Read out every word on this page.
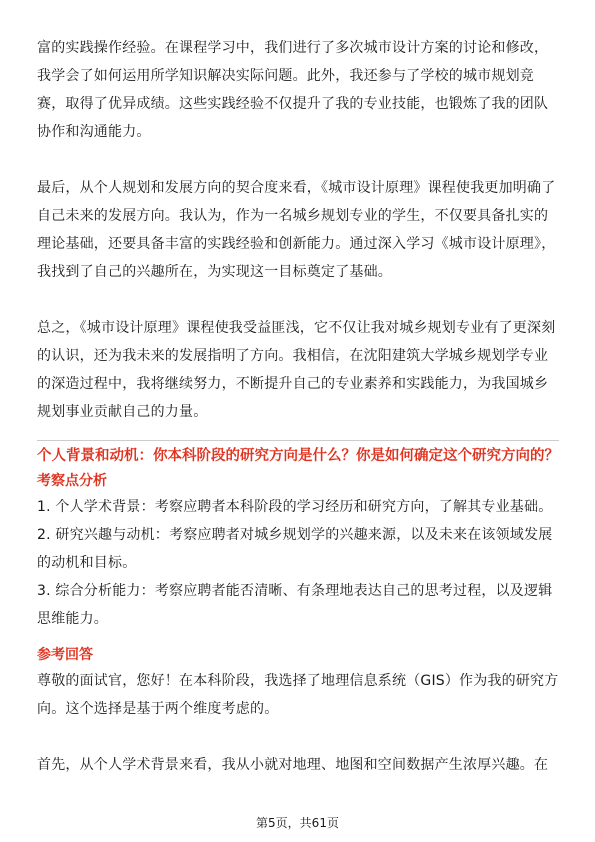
富的实践操作经验。在课程学习中，我们进行了多次城市设计方案的讨论和修改，我学会了如何运用所学知识解决实际问题。此外，我还参与了学校的城市规划竞赛，取得了优异成绩。这些实践经验不仅提升了我的专业技能，也锻炼了我的团队协作和沟通能力。

最后，从个人规划和发展方向的契合度来看，《城市设计原理》课程使我更加明确了自己未来的发展方向。我认为，作为一名城乡规划专业的学生，不仅要具备扎实的理论基础，还要具备丰富的实践经验和创新能力。通过深入学习《城市设计原理》，我找到了自己的兴趣所在，为实现这一目标奠定了基础。

总之，《城市设计原理》课程使我受益匪浅，它不仅让我对城乡规划专业有了更深刻的认识，还为我未来的发展指明了方向。我相信，在沈阳建筑大学城乡规划学专业的深造过程中，我将继续努力，不断提升自己的专业素养和实践能力，为我国城乡规划事业贡献自己的力量。

个人背景和动机：你本科阶段的研究方向是什么？你是如何确定这个研究方向的？

考察点分析

1. 个人学术背景：考察应聘者本科阶段的学习经历和研究方向，了解其专业基础。
2. 研究兴趣与动机：考察应聘者对城乡规划学的兴趣来源，以及未来在该领域发展的动机和目标。
3. 综合分析能力：考察应聘者能否清晰、有条理地表达自己的思考过程，以及逻辑思维能力。

参考回答

尊敬的面试官，您好！在本科阶段，我选择了地理信息系统（GIS）作为我的研究方向。这个选择是基于两个维度考虑的。

首先，从个人学术背景来看，我从小就对地理、地图和空间数据产生浓厚兴趣。在

第5页，共61页
